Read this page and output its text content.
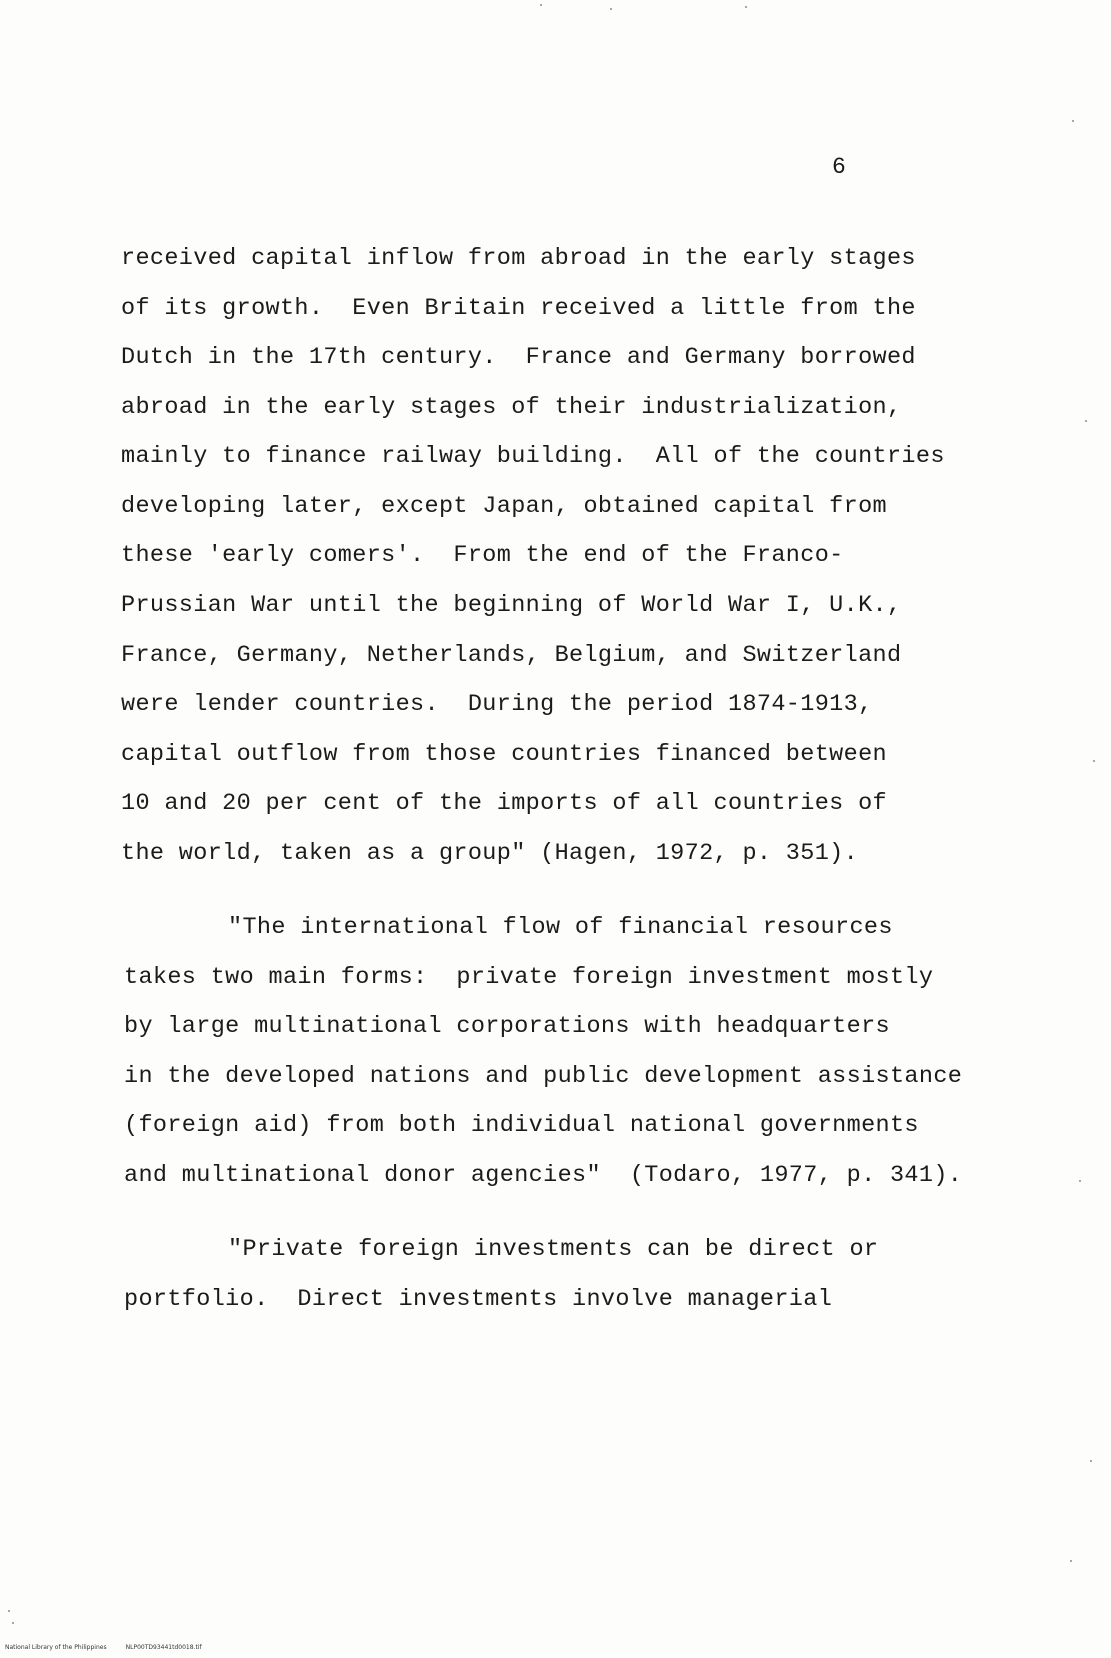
6
received capital inflow from abroad in the early stages
of its growth.  Even Britain received a little from the
Dutch in the 17th century.  France and Germany borrowed
abroad in the early stages of their industrialization,
mainly to finance railway building.  All of the countries
developing later, except Japan, obtained capital from
these 'early comers'.  From the end of the Franco-
Prussian War until the beginning of World War I, U.K.,
France, Germany, Netherlands, Belgium, and Switzerland
were lender countries.  During the period 1874-1913,
capital outflow from those countries financed between
10 and 20 per cent of the imports of all countries of
the world, taken as a group" (Hagen, 1972, p. 351).
"The international flow of financial resources
takes two main forms:  private foreign investment mostly
by large multinational corporations with headquarters
in the developed nations and public development assistance
(foreign aid) from both individual national governments
and multinational donor agencies"  (Todaro, 1977, p. 341).
"Private foreign investments can be direct or
portfolio.  Direct investments involve managerial
National Library of the Philippines	NLP00TD93441td0018.tif
